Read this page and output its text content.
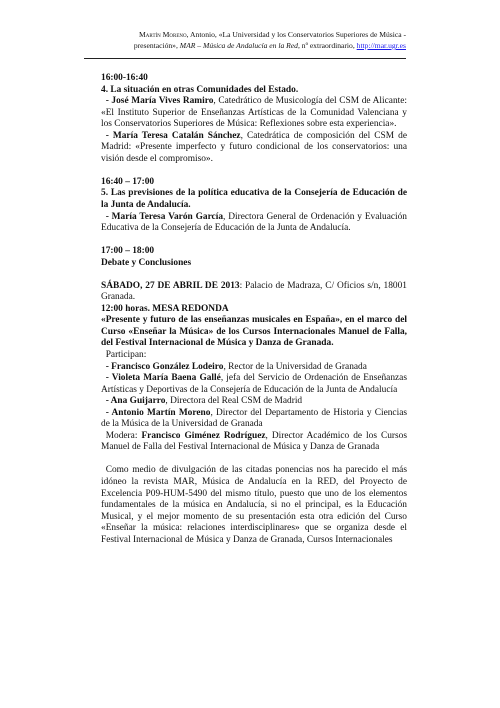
Martín Moreno, Antonio, «La Universidad y los Conservatorios Superiores de Música -
presentación», MAR – Música de Andalucía en la Red, nº extraordinario, http://mar.ugr.es

16:00-16:40

4. La situación en otras Comunidades del Estado.

- José María Vives Ramiro, Catedrático de Musicología del CSM de Alicante: «El Instituto Superior de Enseñanzas Artísticas de la Comunidad Valenciana y los Conservatorios Superiores de Música: Reflexiones sobre esta experiencia».

- María Teresa Catalán Sánchez, Catedrática de composición del CSM de Madrid: «Presente imperfecto y futuro condicional de los conservatorios: una visión desde el compromiso».

16:40 – 17:00

5. Las previsiones de la política educativa de la Consejería de Educación de la Junta de Andalucía.

- María Teresa Varón García, Directora General de Ordenación y Evaluación Educativa de la Consejería de Educación de la Junta de Andalucía.

17:00 – 18:00

Debate y Conclusiones

SÁBADO, 27 DE ABRIL DE 2013: Palacio de Madraza, C/ Oficios s/n, 18001 Granada.

12:00 horas. MESA REDONDA

«Presente y futuro de las enseñanzas musicales en España», en el marco del Curso «Enseñar la Música» de los Cursos Internacionales Manuel de Falla, del Festival Internacional de Música y Danza de Granada.

Participan:

- Francisco González Lodeiro, Rector de la Universidad de Granada

- Violeta María Baena Gallé, jefa del Servicio de Ordenación de Enseñanzas Artísticas y Deportivas de la Consejería de Educación de la Junta de Andalucía

- Ana Guijarro, Directora del Real CSM de Madrid

- Antonio Martín Moreno, Director del Departamento de Historia y Ciencias de la Música de la Universidad de Granada

Modera: Francisco Giménez Rodríguez, Director Académico de los Cursos Manuel de Falla del Festival Internacional de Música y Danza de Granada

Como medio de divulgación de las citadas ponencias nos ha parecido el más idóneo la revista MAR, Música de Andalucía en la RED, del Proyecto de Excelencia P09-HUM-5490 del mismo título, puesto que uno de los elementos fundamentales de la música en Andalucía, si no el principal, es la Educación Musical, y el mejor momento de su presentación esta otra edición del Curso «Enseñar la música: relaciones interdisciplinares» que se organiza desde el Festival Internacional de Música y Danza de Granada, Cursos Internacionales
